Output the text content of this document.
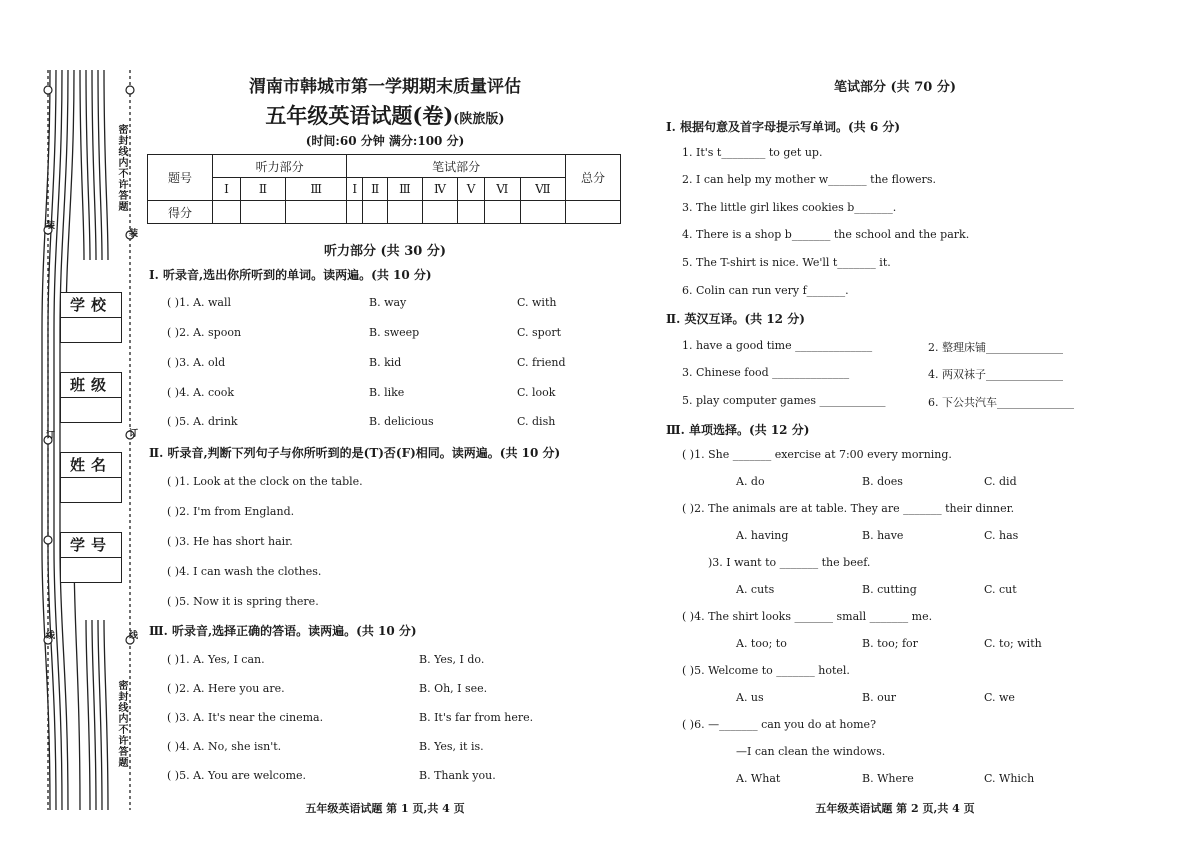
密封线内不许答题
密封线内不许答题
装
装
订	订
线	线
学校
班级
姓名
学号
渭南市韩城市第一学期期末质量评估
五年级英语试题(卷)(陕旅版)
(时间:60 分钟 满分:100 分)
题号	听力部分			笔试部分							总分
	Ⅰ	Ⅱ	Ⅲ	Ⅰ	Ⅱ	Ⅲ	Ⅳ	Ⅴ	Ⅵ	Ⅶ	
得分											
听力部分 (共 30 分)
Ⅰ. 听录音,选出你所听到的单词。读两遍。(共 10 分)
( )1. A. wall	B. way	C. with
( )2. A. spoon	B. sweep	C. sport
( )3. A. old	B. kid	C. friend
( )4. A. cook	B. like	C. look
( )5. A. drink	B. delicious	C. dish
Ⅱ. 听录音,判断下列句子与你所听到的是(T)否(F)相同。读两遍。(共 10 分)
( )1. Look at the clock on the table.
( )2. I'm from England.
( )3. He has short hair.
( )4. I can wash the clothes.
( )5. Now it is spring there.
Ⅲ. 听录音,选择正确的答语。读两遍。(共 10 分)
( )1. A. Yes, I can.	B. Yes, I do.
( )2. A. Here you are.	B. Oh, I see.
( )3. A. It's near the cinema.	B. It's far from here.
( )4. A. No, she isn't.	B. Yes, it is.
( )5. A. You are welcome.	B. Thank you.
五年级英语试题 第 1 页,共 4 页
笔试部分 (共 70 分)
Ⅰ. 根据句意及首字母提示写单词。(共 6 分)
1. It's t________ to get up.
2. I can help my mother w_______ the flowers.
3. The little girl likes cookies b_______.
4. There is a shop b_______ the school and the park.
5. The T-shirt is nice. We'll t_______ it.
6. Colin can run very f_______.
Ⅱ. 英汉互译。(共 12 分)
1. have a good time ______________	2. 整理床铺______________
3. Chinese food ______________	4. 两双袜子______________
5. play computer games ____________	6. 下公共汽车______________
Ⅲ. 单项选择。(共 12 分)
( )1. She _______ exercise at 7:00 every morning.
A. do	B. does	C. did
( )2. The animals are at table. They are _______ their dinner.
A. having	B. have	C. has
)3. I want to _______ the beef.
A. cuts	B. cutting	C. cut
( )4. The shirt looks _______ small _______ me.
A. too; to	B. too; for	C. to; with
( )5. Welcome to _______ hotel.
A. us	B. our	C. we
( )6. —_______ can you do at home?
—I can clean the windows.
A. What	B. Where	C. Which
五年级英语试题 第 2 页,共 4 页
